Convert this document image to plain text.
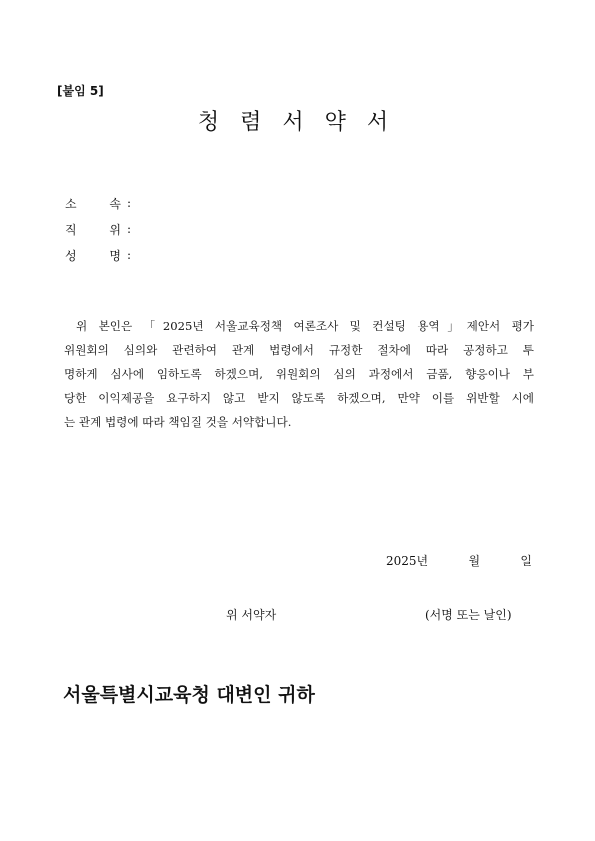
[붙임 5]
청렴서약서
소	속 :
직	위 :
성	명 :
위 본인은 「2025년 서울교육정책 여론조사 및 컨설팅 용역」제안서 평가
위원회의 심의와 관련하여 관계 법령에서 규정한 절차에 따라 공정하고 투
명하게 심사에 임하도록 하겠으며, 위원회의 심의 과정에서 금품, 향응이나 부
당한 이익제공을 요구하지 않고 받지 않도록 하겠으며, 만약 이를 위반할 시에
는 관계 법령에 따라 책임질 것을 서약합니다.
2025년	월	일
위 서약자	(서명 또는 날인)
서울특별시교육청 대변인 귀하
